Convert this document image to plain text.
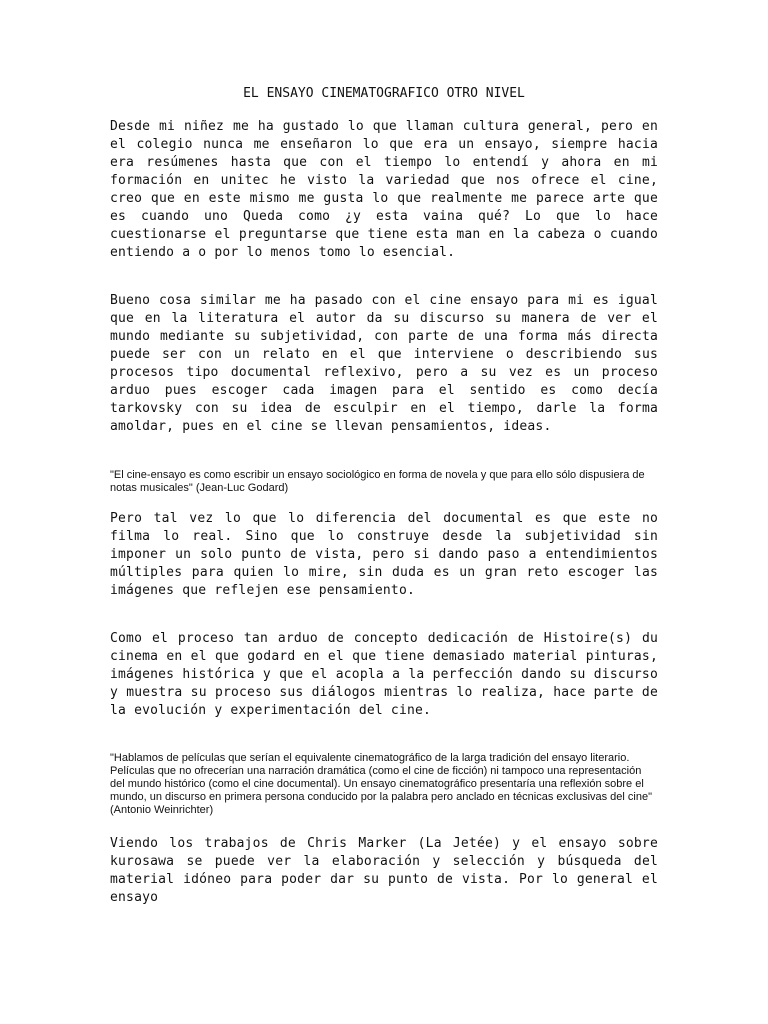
EL ENSAYO CINEMATOGRAFICO OTRO NIVEL

Desde mi niñez me ha gustado lo que llaman cultura general, pero en el colegio nunca me enseñaron lo que era un ensayo, siempre hacia era resúmenes hasta que con el tiempo lo entendí y ahora en mi formación en unitec he visto la variedad que nos ofrece el cine, creo que en este mismo me gusta lo que realmente me parece arte que es cuando uno Queda como ¿y esta vaina qué? Lo que lo hace cuestionarse el preguntarse que tiene esta man en la cabeza o cuando entiendo a o por lo menos tomo lo esencial.

Bueno cosa similar me ha pasado con el cine ensayo para mi es igual que en la literatura el autor da su discurso su manera de ver el mundo mediante su subjetividad, con parte de una forma más directa puede ser con un relato en el que interviene o describiendo sus procesos tipo documental reflexivo, pero a su vez es un proceso arduo pues escoger cada imagen para el sentido es como decía tarkovsky con su idea de esculpir en el tiempo, darle la forma amoldar, pues en el cine se llevan pensamientos, ideas.

"El cine-ensayo es como escribir un ensayo sociológico en forma de novela y que para ello sólo dispusiera de notas musicales" (Jean-Luc Godard)

Pero tal vez lo que lo diferencia del documental es que este no filma lo real. Sino que lo construye desde la subjetividad sin imponer un solo punto de vista, pero si dando paso a entendimientos múltiples para quien lo mire, sin duda es un gran reto escoger las imágenes que reflejen ese pensamiento.

Como el proceso tan arduo de concepto dedicación de Histoire(s) du cinema en el que godard en el que tiene demasiado material pinturas, imágenes histórica y que el acopla a la perfección dando su discurso y muestra su proceso sus diálogos mientras lo realiza, hace parte de la evolución y experimentación del cine.

"Hablamos de películas que serían el equivalente cinematográfico de la larga tradición del ensayo literario. Películas que no ofrecerían una narración dramática (como el cine de ficción) ni tampoco una representación del mundo histórico (como el cine documental). Un ensayo cinematográfico presentaría una reflexión sobre el mundo, un discurso en primera persona conducido por la palabra pero anclado en técnicas exclusivas del cine" (Antonio Weinrichter)

Viendo los trabajos de Chris Marker (La Jetée) y el ensayo sobre kurosawa se puede ver la elaboración y selección y búsqueda del material idóneo para poder dar su punto de vista. Por lo general el ensayo
